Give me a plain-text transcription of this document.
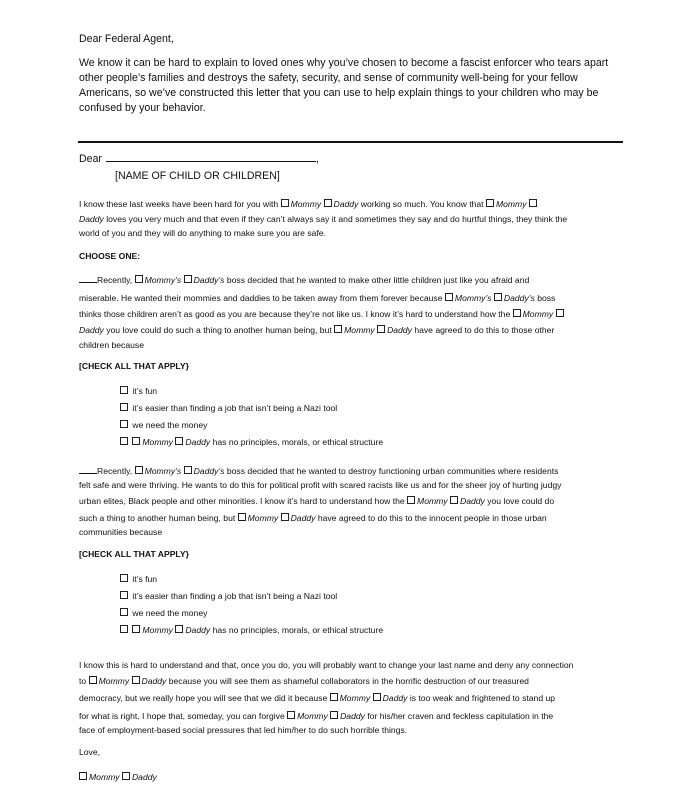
Dear Federal Agent,
We know it can be hard to explain to loved ones why you’ve chosen to become a fascist enforcer who tears apart
other people’s families and destroys the safety, security, and sense of community well-being for your fellow
Americans, so we’ve constructed this letter that you can use to help explain things to your children who may be
confused by your behavior.
Dear	,
[NAME OF CHILD OR CHILDREN]
I know these last weeks have been hard for you with Mommy Daddy working so much. You know that Mommy
Daddy loves you very much and that even if they can’t always say it and sometimes they say and do hurtful things, they think the
world of you and they will do anything to make sure you are safe.
CHOOSE ONE:
Recently, Mommy’s Daddy’s boss decided that he wanted to make other little children just like you afraid and
miserable. He wanted their mommies and daddies to be taken away from them forever because Mommy’s Daddy’s boss
thinks those children aren’t as good as you are because they’re not like us. I know it’s hard to understand how the Mommy
Daddy you love could do such a thing to another human being, but Mommy Daddy have agreed to do this to those other
children because
[CHECK ALL THAT APPLY}
it’s fun
it’s easier than finding a job that isn’t being a Nazi tool
we need the money
Mommy Daddy has no principles, morals, or ethical structure
Recently, Mommy’s Daddy’s boss decided that he wanted to destroy functioning urban communities where residents
felt safe and were thriving. He wants to do this for political profit with scared racists like us and for the sheer joy of hurting judgy
urban elites, Black people and other minorities. I know it’s hard to understand how the Mommy Daddy you love could do
such a thing to another human being, but Mommy Daddy have agreed to do this to the innocent people in those urban
communities because
[CHECK ALL THAT APPLY}
it’s fun
it’s easier than finding a job that isn’t being a Nazi tool
we need the money
Mommy Daddy has no principles, morals, or ethical structure
I know this is hard to understand and that, once you do, you will probably want to change your last name and deny any connection
to Mommy Daddy because you will see them as shameful collaborators in the horrific destruction of our treasured
democracy, but we really hope you will see that we did it because Mommy Daddy is too weak and frightened to stand up
for what is right. I hope that, someday, you can forgive Mommy Daddy for his/her craven and feckless capitulation in the
face of employment-based social pressures that led him/her to do such horrible things.
Love,
Mommy Daddy
